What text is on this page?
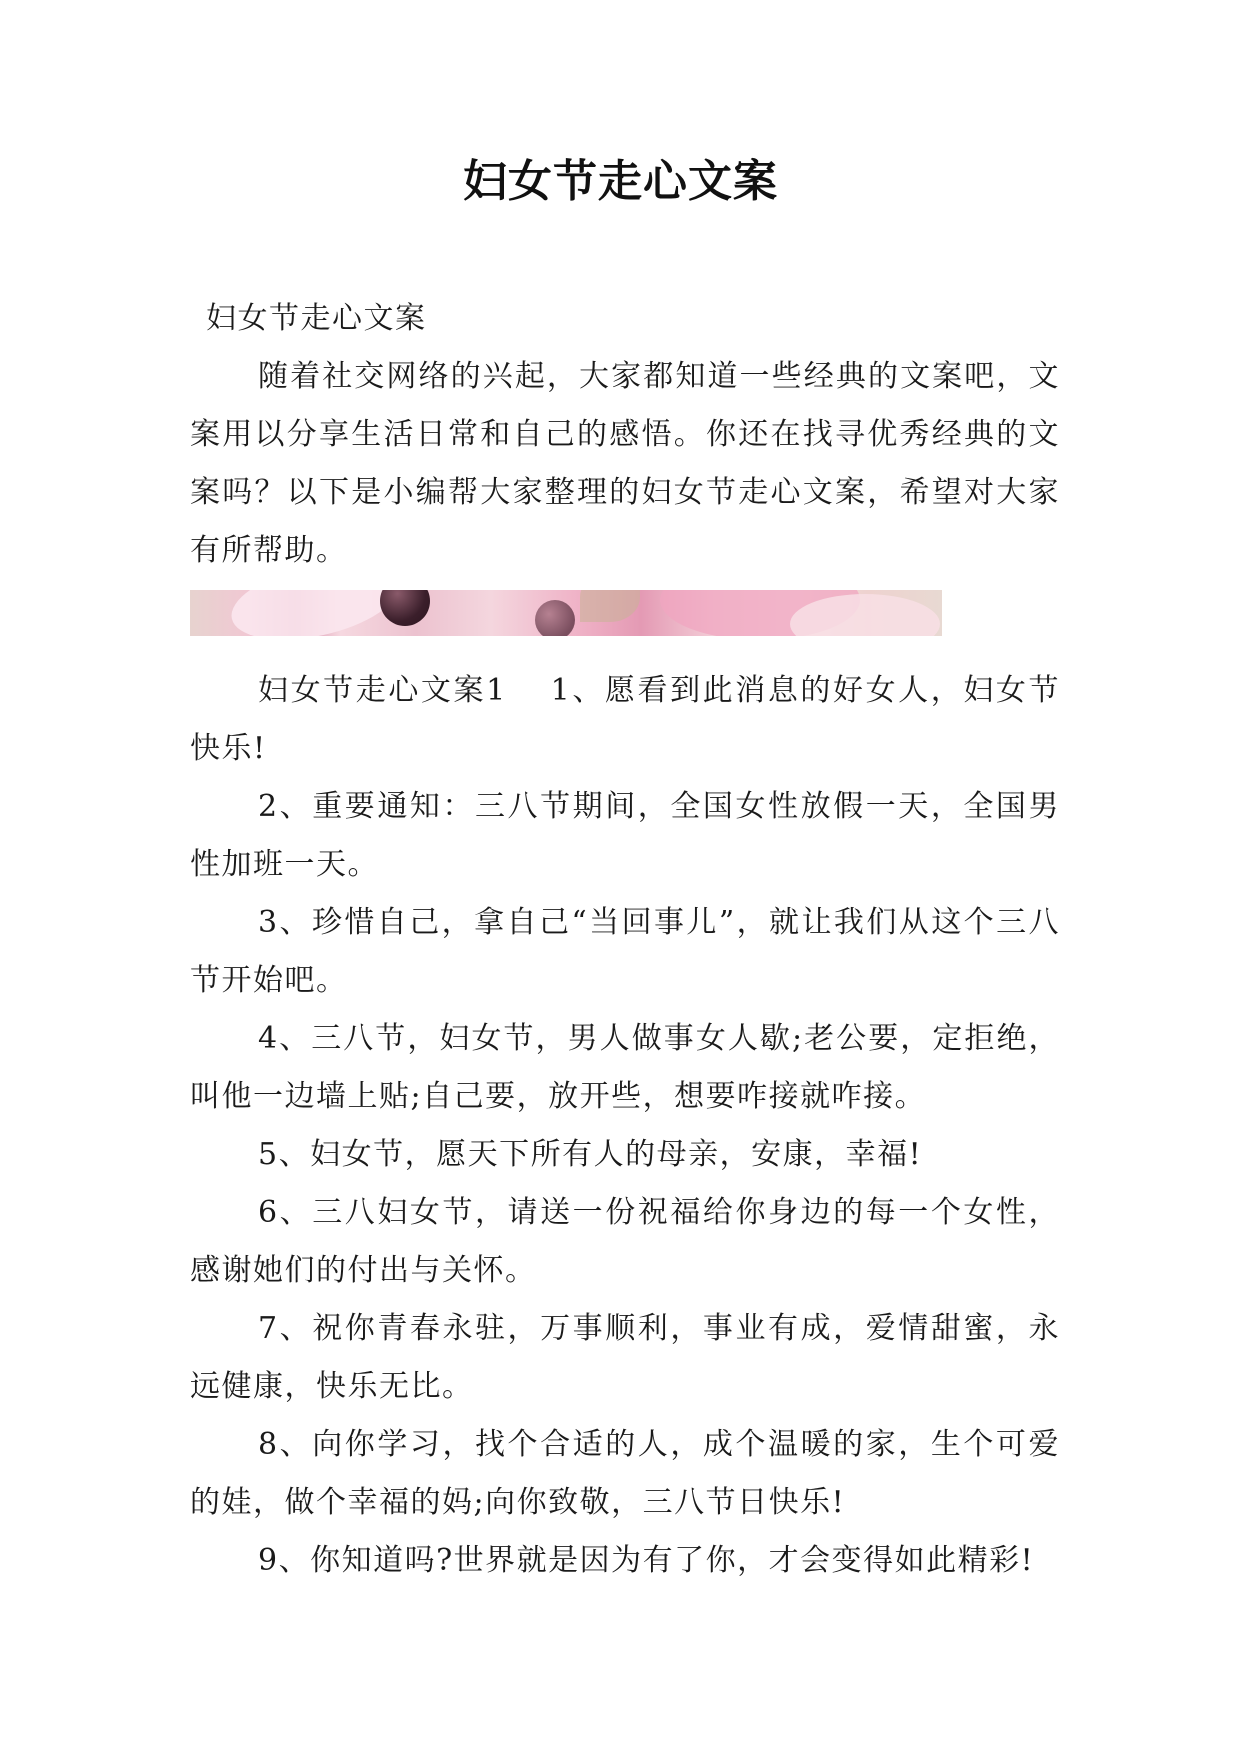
妇女节走心文案

妇女节走心文案

随着社交网络的兴起，大家都知道一些经典的文案吧，文案用以分享生活日常和自己的感悟。你还在找寻优秀经典的文案吗？以下是小编帮大家整理的妇女节走心文案，希望对大家有所帮助。

妇女节走心文案1 1、愿看到此消息的好女人，妇女节快乐!

2、重要通知：三八节期间，全国女性放假一天，全国男性加班一天。

3、珍惜自己，拿自己“当回事儿”，就让我们从这个三八节开始吧。

4、三八节，妇女节，男人做事女人歇;老公要，定拒绝，叫他一边墙上贴;自己要，放开些，想要咋接就咋接。

5、妇女节，愿天下所有人的母亲，安康，幸福!

6、三八妇女节，请送一份祝福给你身边的每一个女性，感谢她们的付出与关怀。

7、祝你青春永驻，万事顺利，事业有成，爱情甜蜜，永远健康，快乐无比。

8、向你学习，找个合适的人，成个温暖的家，生个可爱的娃，做个幸福的妈;向你致敬，三八节日快乐!

9、你知道吗?世界就是因为有了你，才会变得如此精彩!
